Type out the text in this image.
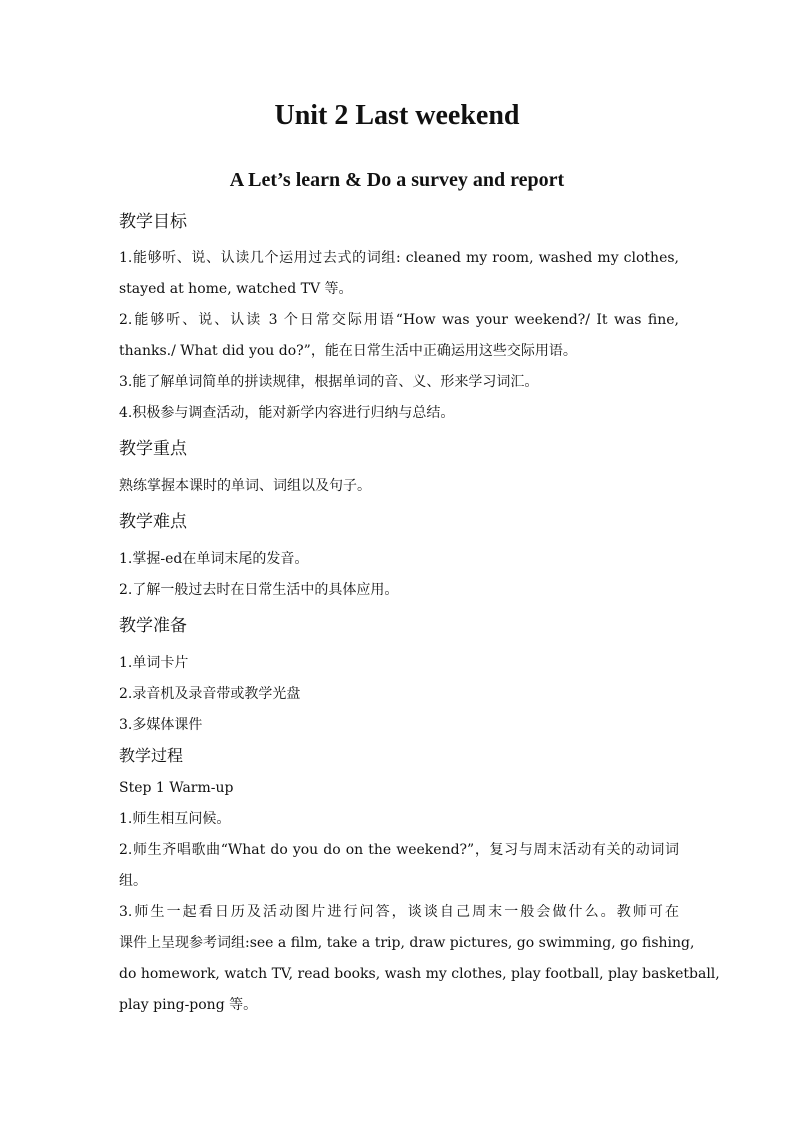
Unit 2 Last weekend
A Let’s learn & Do a survey and report
教学目标
1.能够听、说、认读几个运用过去式的词组: cleaned my room, washed my clothes,
stayed at home, watched TV 等。
2.能够听、说、认读 3 个日常交际用语“How was your weekend?/ It was fine,
thanks./ What did you do?”，能在日常生活中正确运用这些交际用语。
3.能了解单词简单的拼读规律，根据单词的音、义、形来学习词汇。
4.积极参与调查活动，能对新学内容进行归纳与总结。
教学重点
熟练掌握本课时的单词、词组以及句子。
教学难点
1.掌握-ed在单词末尾的发音。
2.了解一般过去时在日常生活中的具体应用。
教学准备
1.单词卡片
2.录音机及录音带或教学光盘
3.多媒体课件
教学过程
Step 1 Warm-up
1.师生相互问候。
2.师生齐唱歌曲“What do you do on the weekend?”，复习与周末活动有关的动词词
组。
3.师生一起看日历及活动图片进行问答，谈谈自己周末一般会做什么。教师可在
课件上呈现参考词组:see a film, take a trip, draw pictures, go swimming, go fishing,
do homework, watch TV, read books, wash my clothes, play football, play basketball,
play ping-pong 等。
